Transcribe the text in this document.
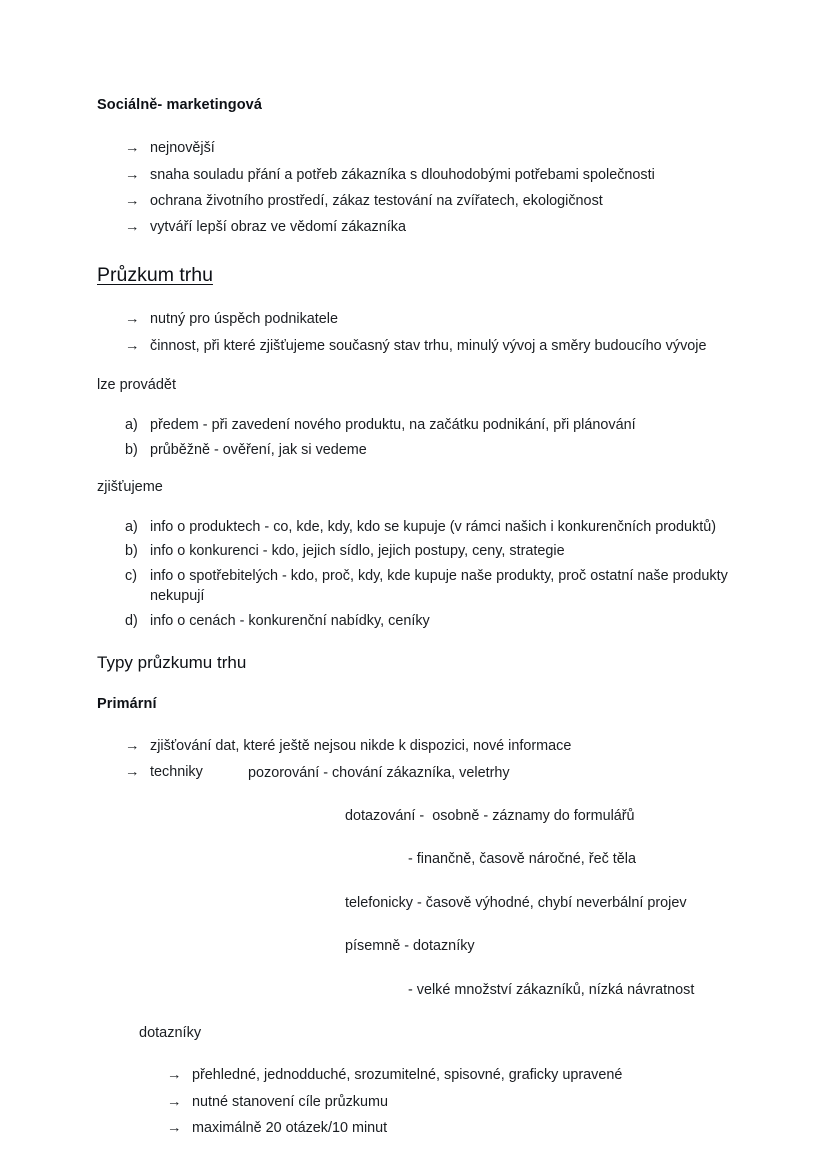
Sociálně- marketingová
→ nejnovější
→ snaha souladu přání a potřeb zákazníka s dlouhodobými potřebami společnosti
→ ochrana životního prostředí, zákaz testování na zvířatech, ekologičnost
→ vytváří lepší obraz ve vědomí zákazníka
Průzkum trhu
→ nutný pro úspěch podnikatele
→ činnost, při které zjišťujeme současný stav trhu, minulý vývoj a směry budoucího vývoje
lze provádět
a) předem - při zavedení nového produktu, na začátku podnikání, při plánování
b) průběžně - ověření, jak si vedeme
zjišťujeme
a) info o produktech - co, kde, kdy, kdo se kupuje (v rámci našich i konkurenčních produktů)
b) info o konkurenci - kdo, jejich sídlo, jejich postupy, ceny, strategie
c) info o spotřebitelých - kdo, proč, kdy, kde kupuje naše produkty, proč ostatní naše produkty nekupují
d) info o cenách - konkurenční nabídky, ceníky
Typy průzkumu trhu
Primární
→ zjišťování dat, které ještě nejsou nikde k dispozici, nové informace
→ techniky	pozorování - chování zákazníka, veletrhy
dotazování -  osobně - záznamy do formulářů
- finančně, časově náročné, řeč těla
telefonicky - časově výhodné, chybí neverbální projev
písemně - dotazníky
- velké množství zákazníků, nízká návratnost
dotazníky
→ přehledné, jednodduché, srozumitelné, spisovné, graficky upravené
→ nutné stanovení cíle průzkumu
→ maximálně 20 otázek/10 minut
